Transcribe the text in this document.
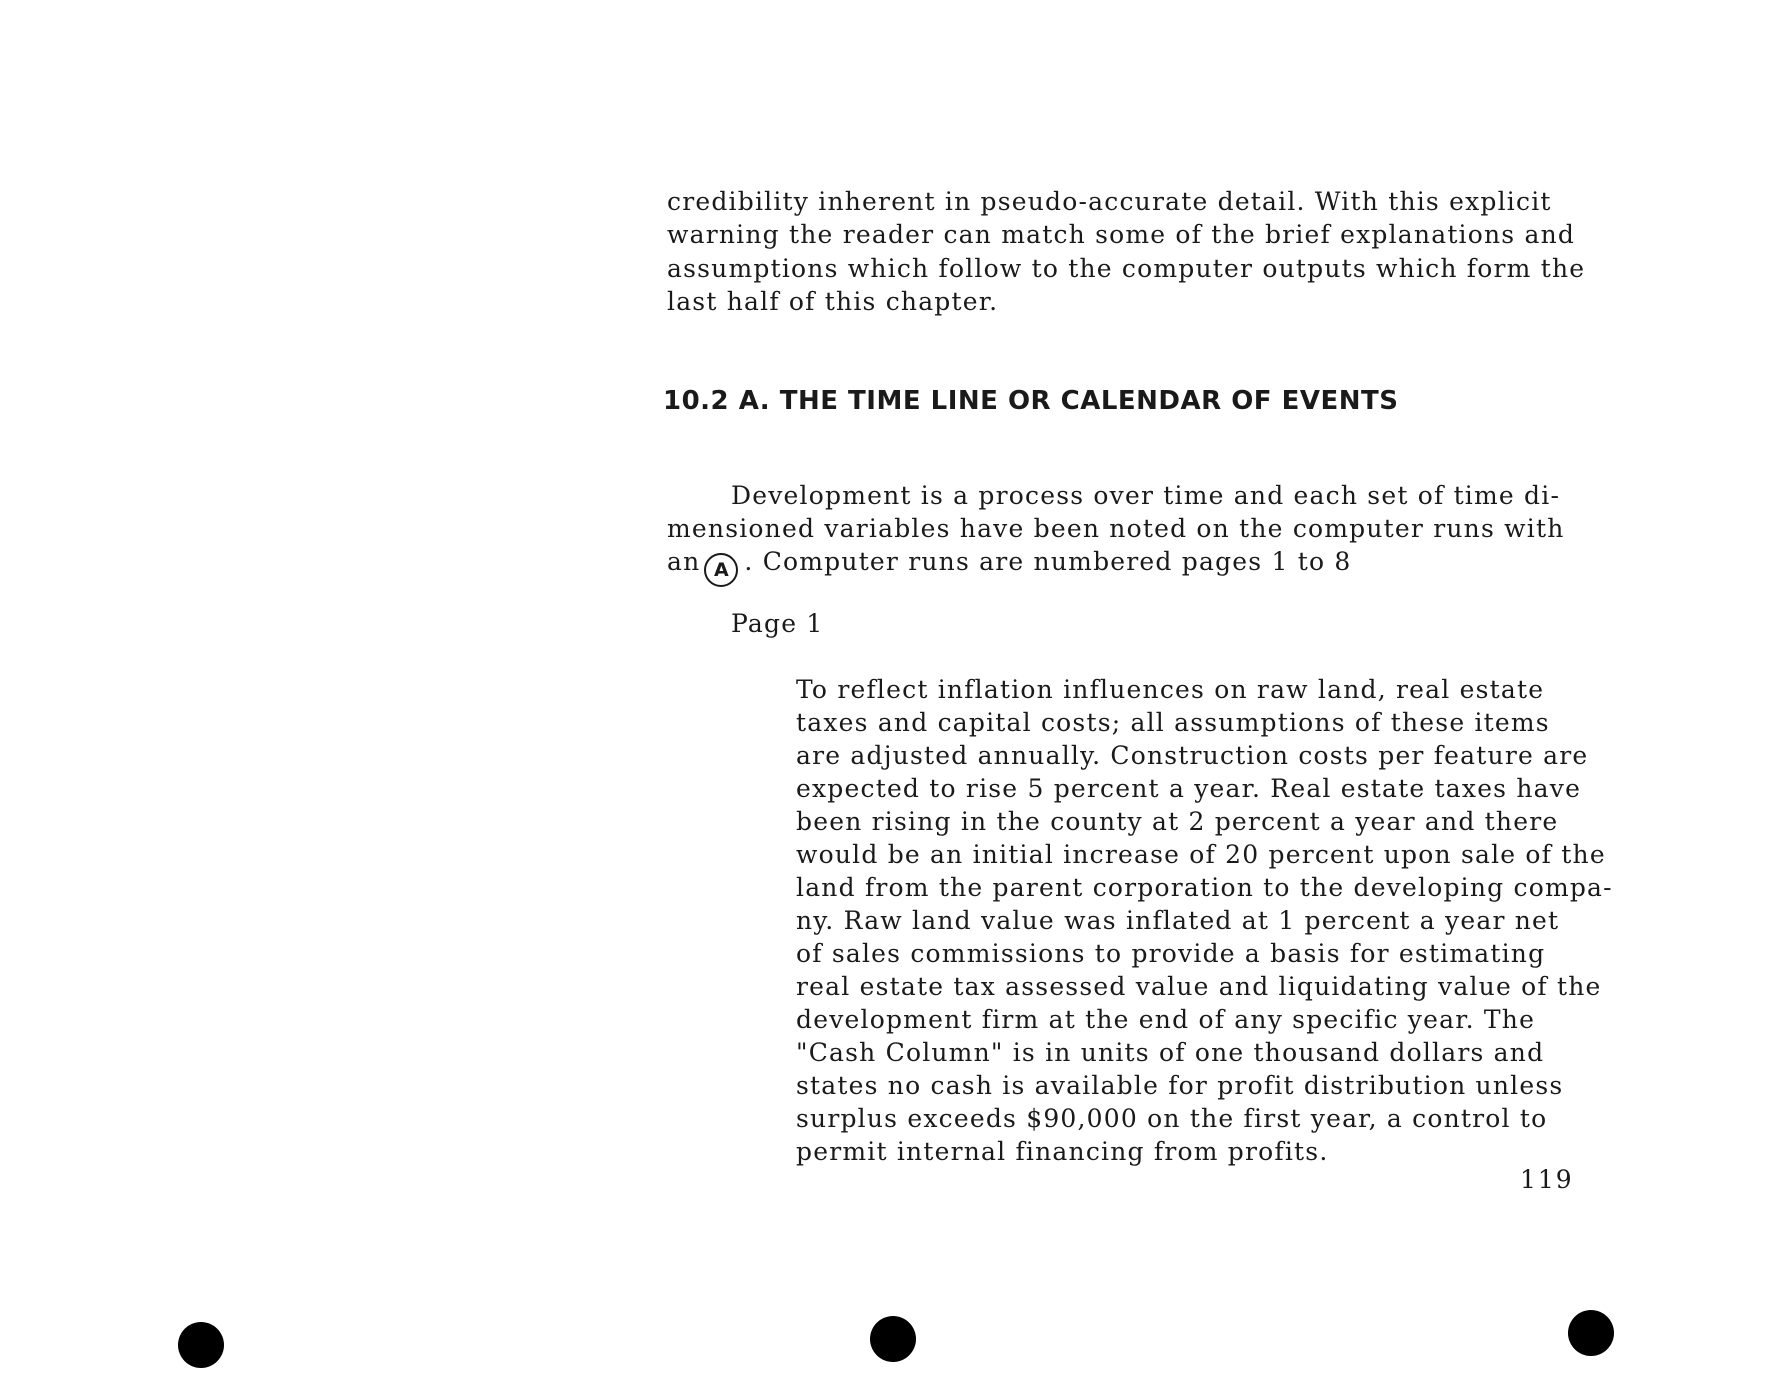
credibility inherent in pseudo-accurate detail. With this explicit
warning the reader can match some of the brief explanations and
assumptions which follow to the computer outputs which form the
last half of this chapter.
10.2 A. THE TIME LINE OR CALENDAR OF EVENTS
Development is a process over time and each set of time di-
mensioned variables have been noted on the computer runs with
an A . Computer runs are numbered pages 1 to 8
Page 1
To reflect inflation influences on raw land, real estate
taxes and capital costs; all assumptions of these items
are adjusted annually. Construction costs per feature are
expected to rise 5 percent a year. Real estate taxes have
been rising in the county at 2 percent a year and there
would be an initial increase of 20 percent upon sale of the
land from the parent corporation to the developing compa-
ny. Raw land value was inflated at 1 percent a year net
of sales commissions to provide a basis for estimating
real estate tax assessed value and liquidating value of the
development firm at the end of any specific year. The
"Cash Column" is in units of one thousand dollars and
states no cash is available for profit distribution unless
surplus exceeds $90,000 on the first year, a control to
permit internal financing from profits.
119
